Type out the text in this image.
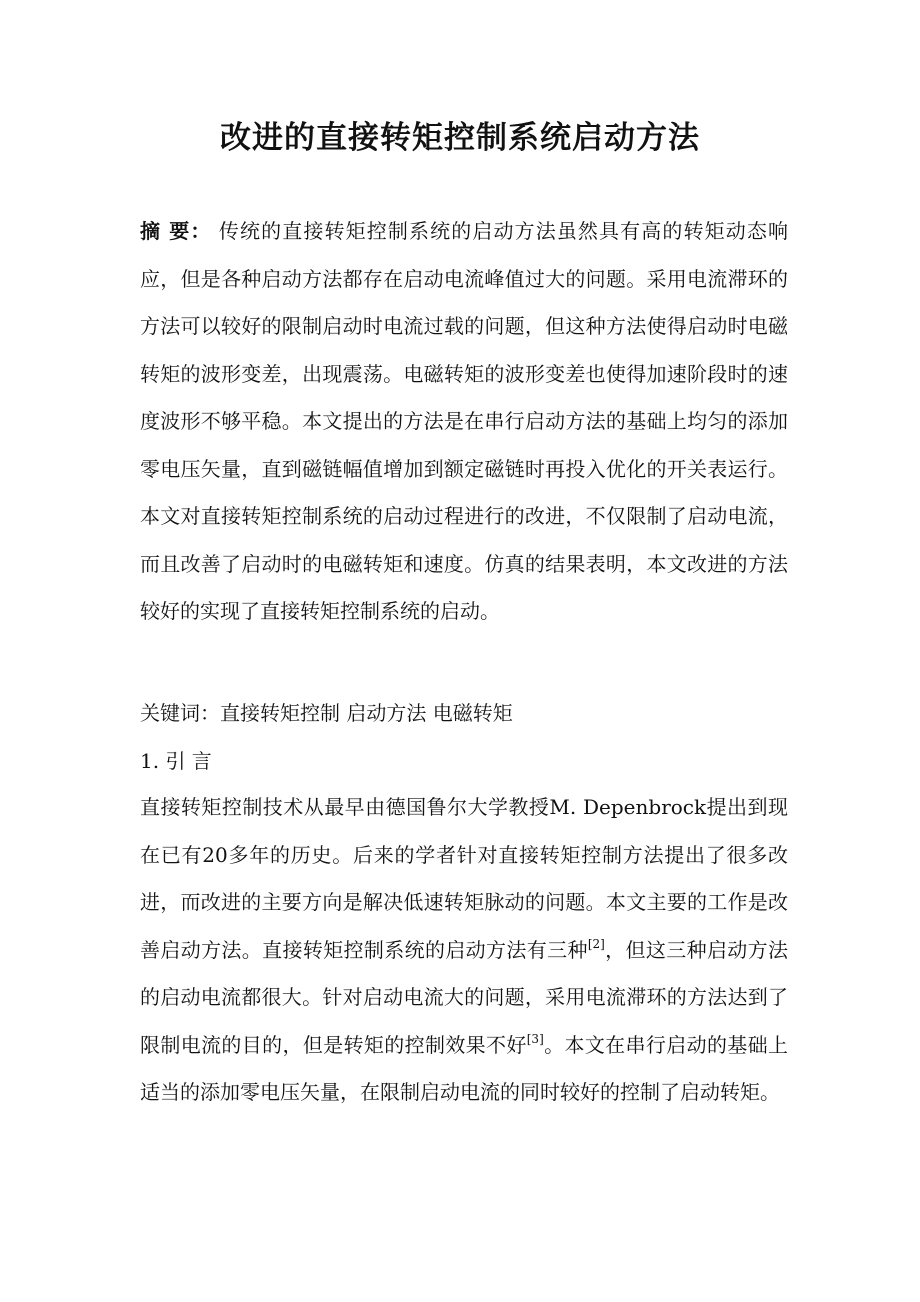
改进的直接转矩控制系统启动方法

摘 要： 传统的直接转矩控制系统的启动方法虽然具有高的转矩动态响应，但是各种启动方法都存在启动电流峰值过大的问题。采用电流滞环的方法可以较好的限制启动时电流过载的问题，但这种方法使得启动时电磁转矩的波形变差，出现震荡。电磁转矩的波形变差也使得加速阶段时的速度波形不够平稳。本文提出的方法是在串行启动方法的基础上均匀的添加零电压矢量，直到磁链幅值增加到额定磁链时再投入优化的开关表运行。本文对直接转矩控制系统的启动过程进行的改进，不仅限制了启动电流，而且改善了启动时的电磁转矩和速度。仿真的结果表明，本文改进的方法较好的实现了直接转矩控制系统的启动。

关键词：直接转矩控制 启动方法 电磁转矩

1. 引 言

直接转矩控制技术从最早由德国鲁尔大学教授M. Depenbrock提出到现在已有20多年的历史。后来的学者针对直接转矩控制方法提出了很多改进，而改进的主要方向是解决低速转矩脉动的问题。本文主要的工作是改善启动方法。直接转矩控制系统的启动方法有三种[2]，但这三种启动方法的启动电流都很大。针对启动电流大的问题，采用电流滞环的方法达到了限制电流的目的，但是转矩的控制效果不好[3]。本文在串行启动的基础上适当的添加零电压矢量，在限制启动电流的同时较好的控制了启动转矩。
